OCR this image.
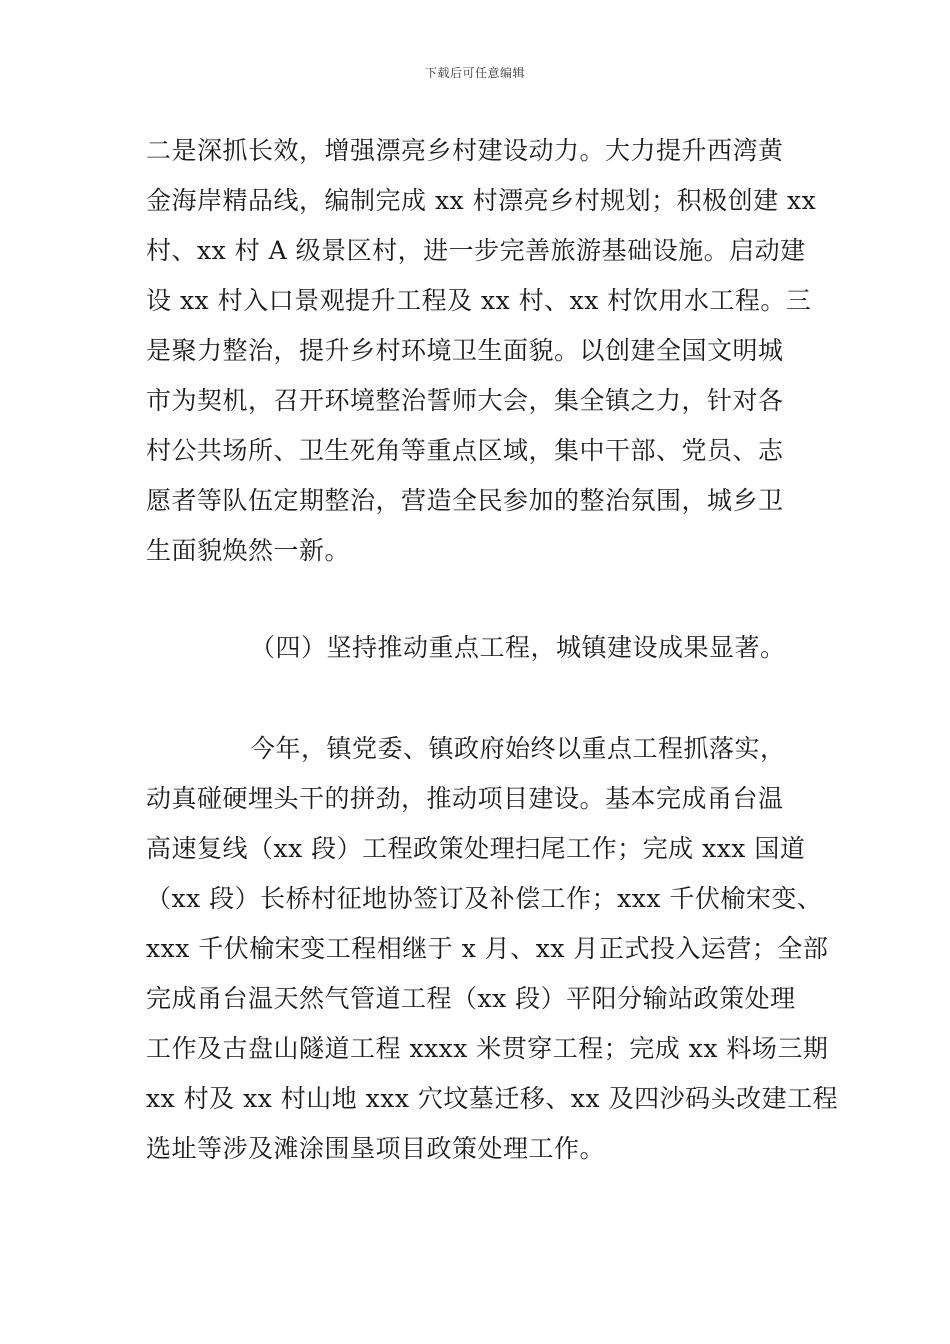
下载后可任意编辑
二是深抓长效，增强漂亮乡村建设动力。大力提升西湾黄
金海岸精品线，编制完成 xx 村漂亮乡村规划；积极创建 xx
村、xx 村 A 级景区村，进一步完善旅游基础设施。启动建
设 xx 村入口景观提升工程及 xx 村、xx 村饮用水工程。三
是聚力整治，提升乡村环境卫生面貌。以创建全国文明城
市为契机，召开环境整治誓师大会，集全镇之力，针对各
村公共场所、卫生死角等重点区域，集中干部、党员、志
愿者等队伍定期整治，营造全民参加的整治氛围，城乡卫
生面貌焕然一新。
（四）坚持推动重点工程，城镇建设成果显著。
今年，镇党委、镇政府始终以重点工程抓落实，
动真碰硬埋头干的拼劲，推动项目建设。基本完成甬台温
高速复线（xx 段）工程政策处理扫尾工作；完成 xxx 国道
（xx 段）长桥村征地协签订及补偿工作；xxx 千伏榆宋变、
xxx 千伏榆宋变工程相继于 x 月、xx 月正式投入运营；全部
完成甬台温天然气管道工程（xx 段）平阳分输站政策处理
工作及古盘山隧道工程 xxxx 米贯穿工程；完成 xx 料场三期
xx 村及 xx 村山地 xxx 穴坟墓迁移、xx 及四沙码头改建工程
选址等涉及滩涂围垦项目政策处理工作。
